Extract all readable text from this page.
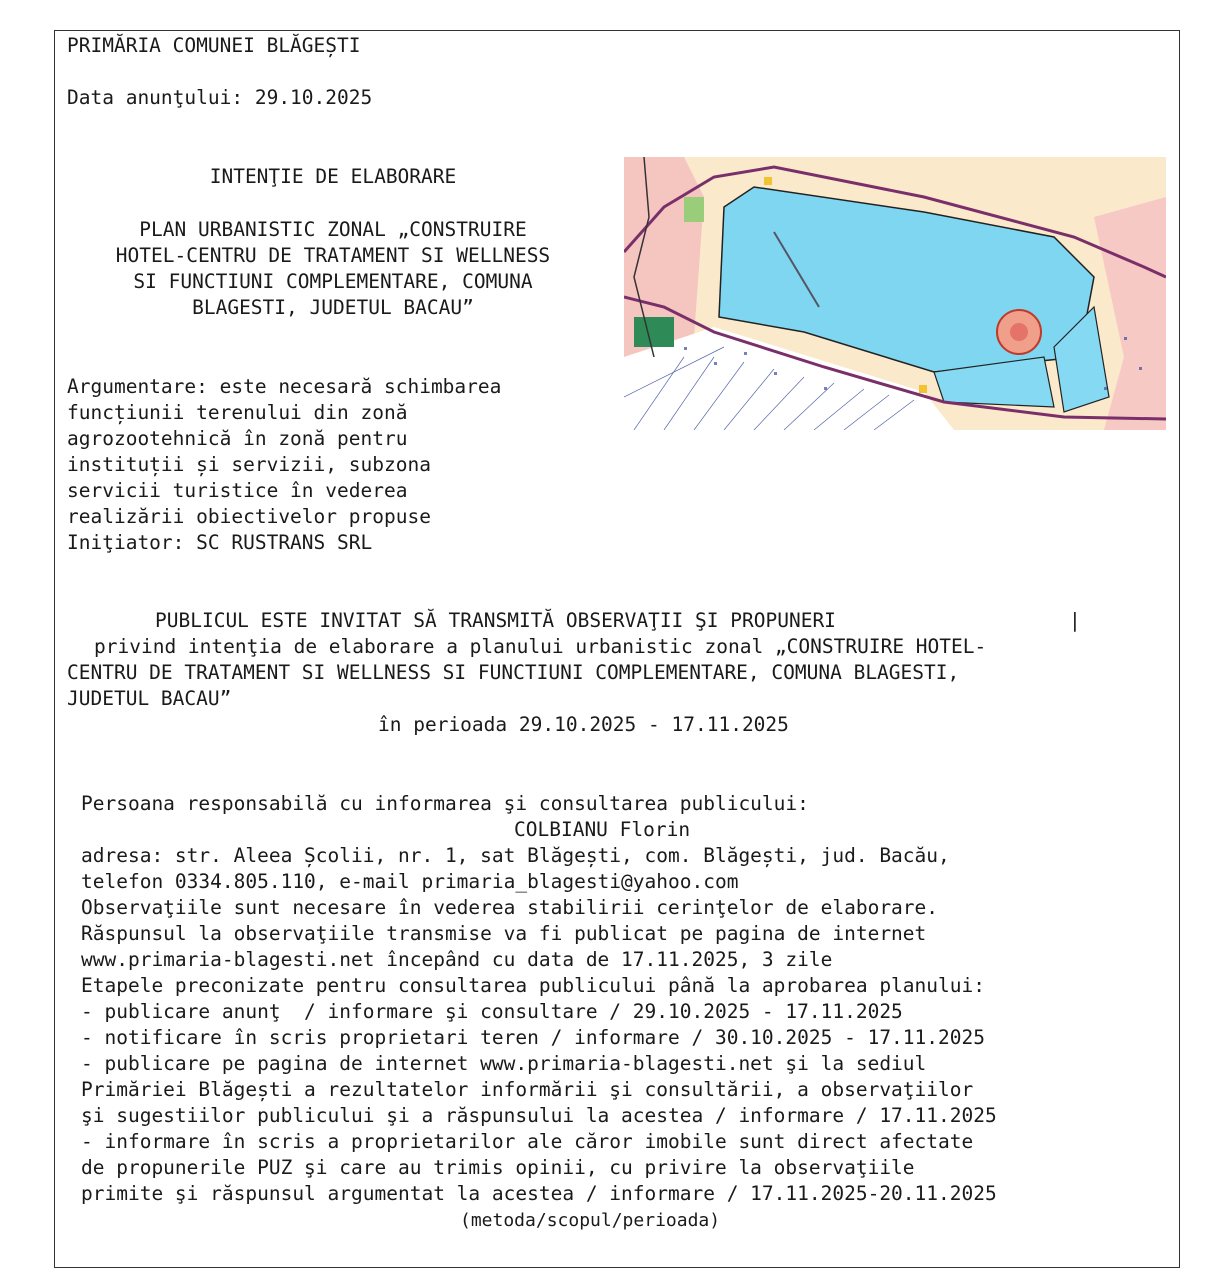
PRIMĂRIA COMUNEI BLĂGEȘTI

Data anunţului: 29.10.2025

INTENŢIE DE ELABORARE

PLAN URBANISTIC ZONAL „CONSTRUIRE

HOTEL-CENTRU DE TRATAMENT SI WELLNESS

SI FUNCTIUNI COMPLEMENTARE, COMUNA

BLAGESTI, JUDETUL BACAU”

Argumentare: este necesară schimbarea

funcțiunii terenului din zonă

agrozootehnică în zonă pentru

instituții și servizii, subzona

servicii turistice în vederea

realizării obiectivelor propuse

Iniţiator: SC RUSTRANS SRL

PUBLICUL ESTE INVITAT SĂ TRANSMITĂ OBSERVAŢII ŞI PROPUNERI	|

privind intenţia de elaborare a planului urbanistic zonal „CONSTRUIRE HOTEL-

CENTRU DE TRATAMENT SI WELLNESS SI FUNCTIUNI COMPLEMENTARE, COMUNA BLAGESTI,

JUDETUL BACAU”

în perioada 29.10.2025 - 17.11.2025

Persoana responsabilă cu informarea şi consultarea publicului:

COLBIANU Florin

adresa: str. Aleea Școlii, nr. 1, sat Blăgești, com. Blăgești, jud. Bacău,

telefon 0334.805.110, e-mail primaria_blagesti@yahoo.com

Observaţiile sunt necesare în vederea stabilirii cerinţelor de elaborare.

Răspunsul la observaţiile transmise va fi publicat pe pagina de internet

www.primaria-blagesti.net începând cu data de 17.11.2025, 3 zile

Etapele preconizate pentru consultarea publicului până la aprobarea planului:

- publicare anunţ  / informare şi consultare / 29.10.2025 - 17.11.2025

- notificare în scris proprietari teren / informare / 30.10.2025 - 17.11.2025

- publicare pe pagina de internet www.primaria-blagesti.net şi la sediul

Primăriei Blăgești a rezultatelor informării şi consultării, a observaţiilor

şi sugestiilor publicului şi a răspunsului la acestea / informare / 17.11.2025

- informare în scris a proprietarilor ale căror imobile sunt direct afectate

de propunerile PUZ şi care au trimis opinii, cu privire la observaţiile

primite şi răspunsul argumentat la acestea / informare / 17.11.2025-20.11.2025

(metoda/scopul/perioada)
